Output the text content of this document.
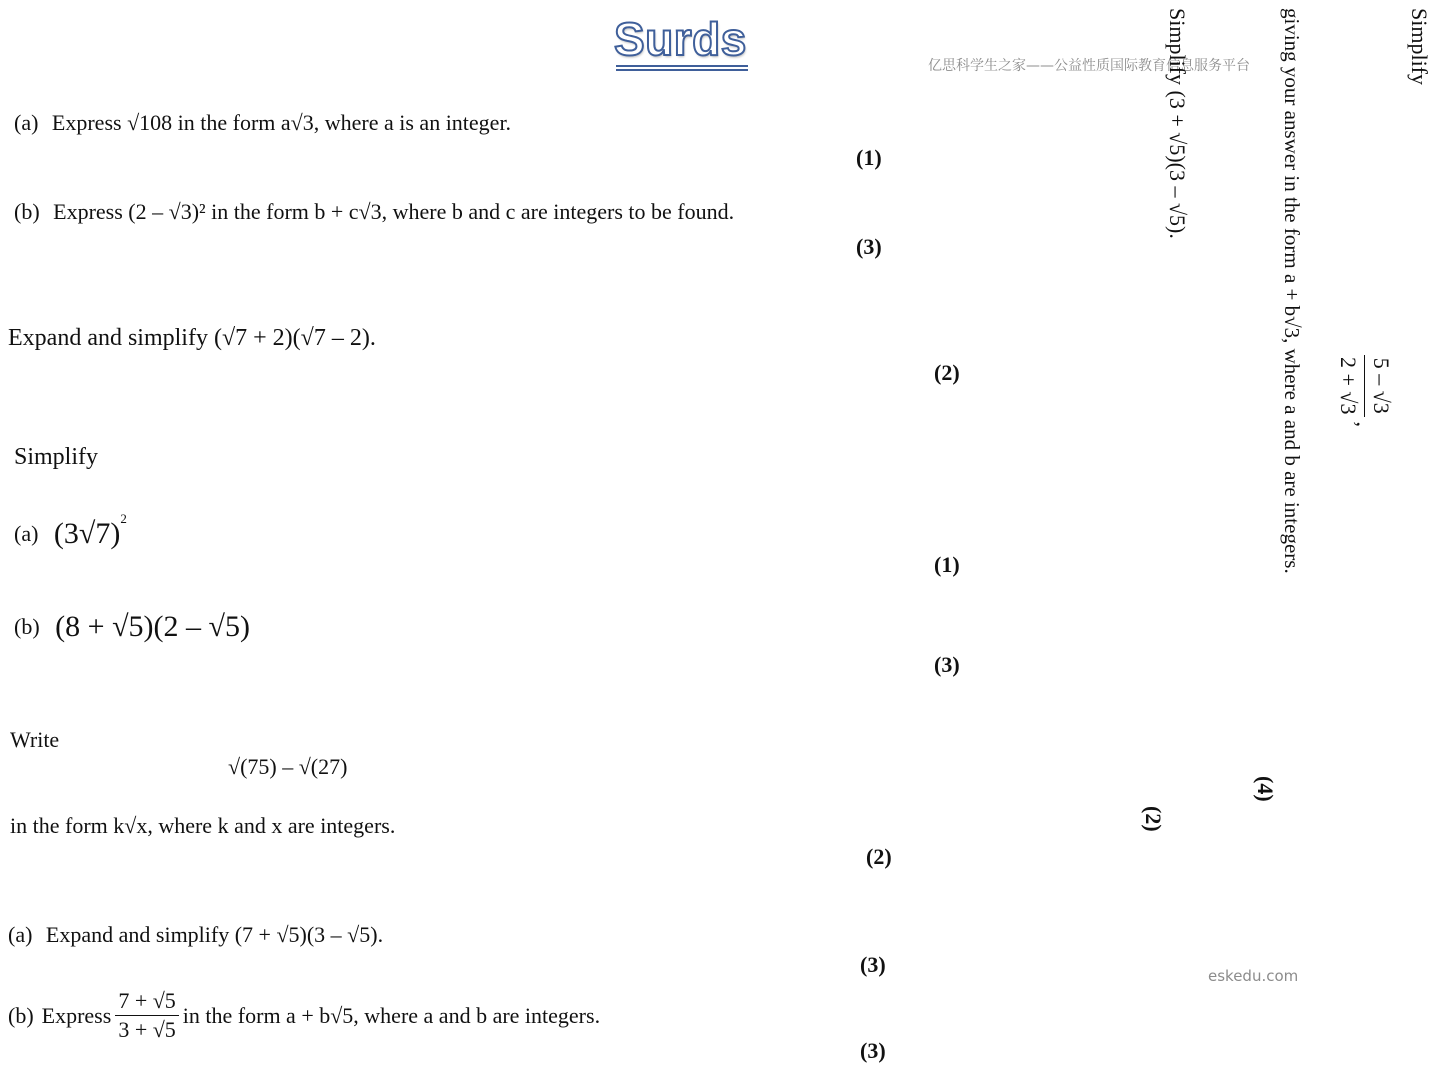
Surds
亿思科学生之家——公益性质国际教育信息服务平台
(a) Express √108 in the form a√3, where a is an integer.
(1)
(b) Express (2 – √3)² in the form b + c√3, where b and c are integers to be found.
(3)
Expand and simplify (√7 + 2)(√7 – 2).
(2)
Simplify
(a) $(3√7)^2$
(1)
(b) (8 + √5)(2 – √5)
(3)
Write
√(75) – √(27)
in the form k√x, where k and x are integers.
(2)
(a) Expand and simplify (7 + √5)(3 – √5).
(3)	eskedu.com
(b) Express $\frac{7 + √5}{3 + √5}$ in the form a + b√5, where a and b are integers.
(3)
Simplify (3 + √5)(3 – √5).
(2)
giving your answer in the form a + b√3, where a and b are integers.
(4)
Simplify
5 – √3
2 + √3
,
